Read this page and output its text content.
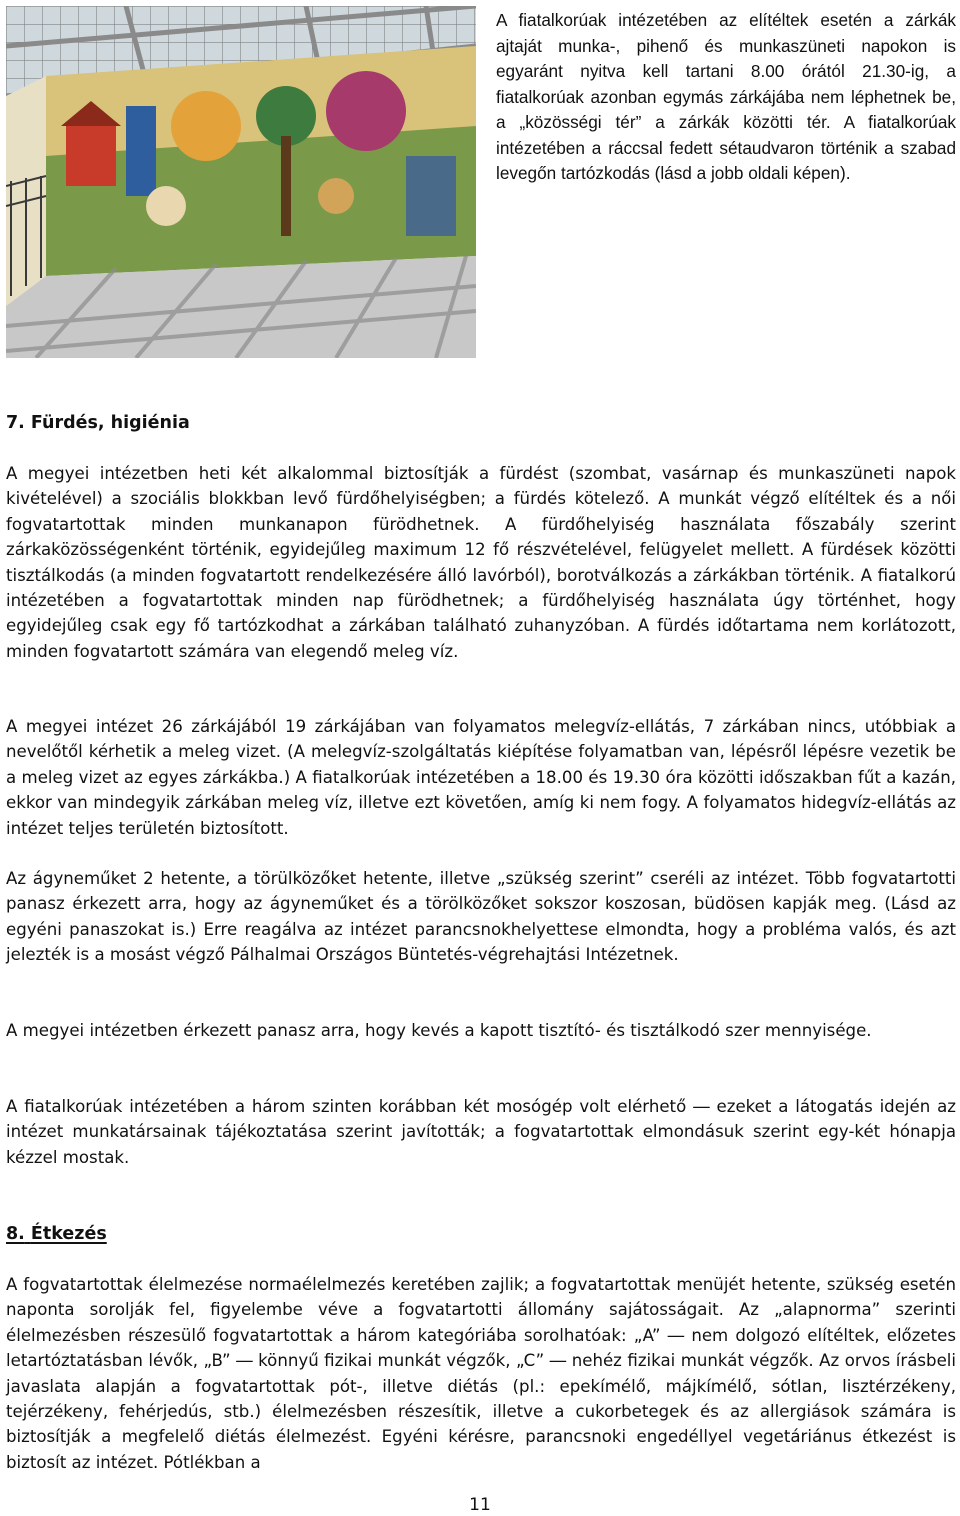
A fiatalkorúak intézetében az elítéltek esetén a zárkák ajtaját munka-, pihenő és munkaszüneti napokon is egyaránt nyitva kell tartani 8.00 órától 21.30-ig, a fiatalkorúak azonban egymás zárkájába nem léphetnek be, a „közösségi tér” a zárkák közötti tér. A fiatalkorúak intézetében a ráccsal fedett sétaudvaron történik a szabad levegőn tartózkodás (lásd a jobb oldali képen).

7. Fürdés, higiénia

A megyei intézetben heti két alkalommal biztosítják a fürdést (szombat, vasárnap és munkaszüneti napok kivételével) a szociális blokkban levő fürdőhelyiségben; a fürdés kötelező. A munkát végző elítéltek és a női fogvatartottak minden munkanapon fürödhetnek. A fürdőhelyiség használata főszabály szerint zárkaközösségenként történik, egyidejűleg maximum 12 fő részvételével, felügyelet mellett. A fürdések közötti tisztálkodás (a minden fogvatartott rendelkezésére álló lavórból), borotválkozás a zárkákban történik. A fiatalkorú intézetében a fogvatartottak minden nap fürödhetnek; a fürdőhelyiség használata úgy történhet, hogy egyidejűleg csak egy fő tartózkodhat a zárkában található zuhanyzóban. A fürdés időtartama nem korlátozott, minden fogvatartott számára van elegendő meleg víz.

A megyei intézet 26 zárkájából 19 zárkájában van folyamatos melegvíz-ellátás, 7 zárkában nincs, utóbbiak a nevelőtől kérhetik a meleg vizet. (A melegvíz-szolgáltatás kiépítése folyamatban van, lépésről lépésre vezetik be a meleg vizet az egyes zárkákba.) A fiatalkorúak intézetében a 18.00 és 19.30 óra közötti időszakban fűt a kazán, ekkor van mindegyik zárkában meleg víz, illetve ezt követően, amíg ki nem fogy. A folyamatos hidegvíz-ellátás az intézet teljes területén biztosított.

Az ágyneműket 2 hetente, a törülközőket hetente, illetve „szükség szerint” cseréli az intézet. Több fogvatartotti panasz érkezett arra, hogy az ágyneműket és a törölközőket sokszor koszosan, büdösen kapják meg. (Lásd az egyéni panaszokat is.) Erre reagálva az intézet parancsnokhelyettese elmondta, hogy a probléma valós, és azt jelezték is a mosást végző Pálhalmai Országos Büntetés-végrehajtási Intézetnek.

A megyei intézetben érkezett panasz arra, hogy kevés a kapott tisztító- és tisztálkodó szer mennyisége.

A fiatalkorúak intézetében a három szinten korábban két mosógép volt elérhető ― ezeket a látogatás idején az intézet munkatársainak tájékoztatása szerint javították; a fogvatartottak elmondásuk szerint egy-két hónapja kézzel mostak.

8. Étkezés

A fogvatartottak élelmezése normaélelmezés keretében zajlik; a fogvatartottak menüjét hetente, szükség esetén naponta sorolják fel, figyelembe véve a fogvatartotti állomány sajátosságait. Az „alapnorma” szerinti élelmezésben részesülő fogvatartottak a három kategóriába sorolhatóak: „A” ― nem dolgozó elítéltek, előzetes letartóztatásban lévők, „B” ― könnyű fizikai munkát végzők, „C” ― nehéz fizikai munkát végzők. Az orvos írásbeli javaslata alapján a fogvatartottak pót-, illetve diétás (pl.: epekímélő, májkímélő, sótlan, lisztérzékeny, tejérzékeny, fehérjedús, stb.) élelmezésben részesítik, illetve a cukorbetegek és az allergiások számára is biztosítják a megfelelő diétás élelmezést. Egyéni kérésre, parancsnoki engedéllyel vegetáriánus étkezést is biztosít az intézet. Pótlékban a

11
